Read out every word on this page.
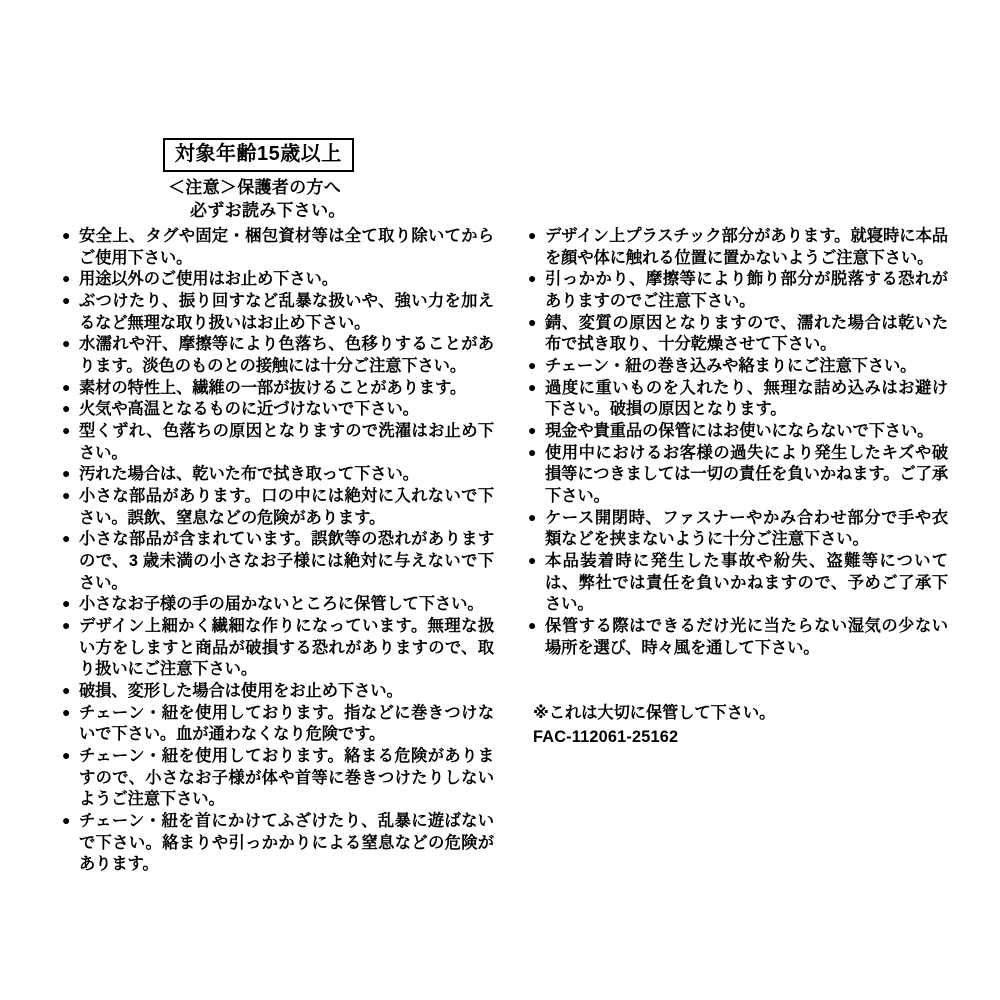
対象年齢15歳以上
＜注意＞保護者の方へ
必ずお読み下さい。
● 安全上、タグや固定・梱包資材等は全て取り除いてからご使用下さい。
● 用途以外のご使用はお止め下さい。
● ぶつけたり、振り回すなど乱暴な扱いや、強い力を加えるなど無理な取り扱いはお止め下さい。
● 水濡れや汗、摩擦等により色落ち、色移りすることがあります。淡色のものとの接触には十分ご注意下さい。
● 素材の特性上、繊維の一部が抜けることがあります。
● 火気や高温となるものに近づけないで下さい。
● 型くずれ、色落ちの原因となりますので洗濯はお止め下さい。
● 汚れた場合は、乾いた布で拭き取って下さい。
● 小さな部品があります。口の中には絶対に入れないで下さい。誤飲、窒息などの危険があります。
● 小さな部品が含まれています。誤飲等の恐れがありますので、3 歳未満の小さなお子様には絶対に与えないで下さい。
● 小さなお子様の手の届かないところに保管して下さい。
● デザイン上細かく繊細な作りになっています。無理な扱い方をしますと商品が破損する恐れがありますので、取り扱いにご注意下さい。
● 破損、変形した場合は使用をお止め下さい。
● チェーン・紐を使用しております。指などに巻きつけないで下さい。血が通わなくなり危険です。
● チェーン・紐を使用しております。絡まる危険がありますので、小さなお子様が体や首等に巻きつけたりしないようご注意下さい。
● チェーン・紐を首にかけてふざけたり、乱暴に遊ばないで下さい。絡まりや引っかかりによる窒息などの危険があります。
● デザイン上プラスチック部分があります。就寝時に本品を顔や体に触れる位置に置かないようご注意下さい。
● 引っかかり、摩擦等により飾り部分が脱落する恐れがありますのでご注意下さい。
● 錆、変質の原因となりますので、濡れた場合は乾いた布で拭き取り、十分乾燥させて下さい。
● チェーン・紐の巻き込みや絡まりにご注意下さい。
● 過度に重いものを入れたり、無理な詰め込みはお避け下さい。破損の原因となります。
● 現金や貴重品の保管にはお使いにならないで下さい。
● 使用中におけるお客様の過失により発生したキズや破損等につきましては一切の責任を負いかねます。ご了承下さい。
● ケース開閉時、ファスナーやかみ合わせ部分で手や衣類などを挟まないように十分ご注意下さい。
● 本品装着時に発生した事故や紛失、盗難等については、弊社では責任を負いかねますので、予めご了承下さい。
● 保管する際はできるだけ光に当たらない湿気の少ない場所を選び、時々風を通して下さい。
※これは大切に保管して下さい。
FAC-112061-25162
